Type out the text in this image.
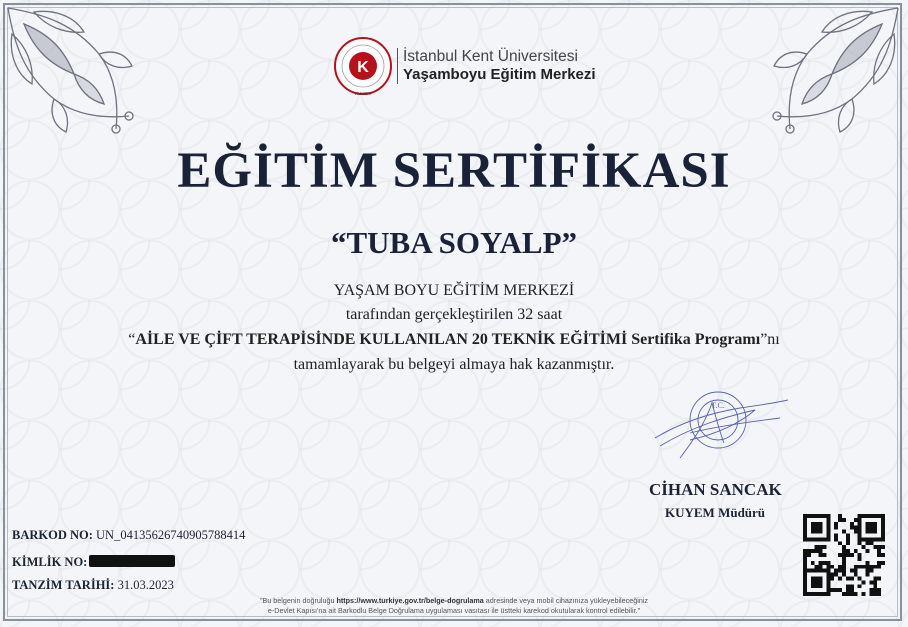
K
KUYEM
İstanbul Kent Üniversitesi
Yaşamboyu Eğitim Merkezi
EĞİTİM SERTİFİKASI
“TUBA SOYALP”
YAŞAM BOYU EĞİTİM MERKEZİ
tarafından gerçekleştirilen 32 saat
“AİLE VE ÇİFT TERAPİSİNDE KULLANILAN 20 TEKNİK EĞİTİMİ Sertifika Programı”nı
tamamlayarak bu belgeyi almaya hak kazanmıştır.
T.C.
CİHAN SANCAK
KUYEM Müdürü
BARKOD NO: UN_04135626740905788414
KİMLİK NO:
TANZİM TARİHİ: 31.03.2023
"Bu belgenin doğruluğu https://www.turkiye.gov.tr/belge-dogrulama adresinde veya mobil cihazınıza yükleyebileceğiniz
e-Devlet Kapısı'na ait Barkodlu Belge Doğrulama uygulaması vasıtası ile üstteki karekod okutularak kontrol edilebilir."
